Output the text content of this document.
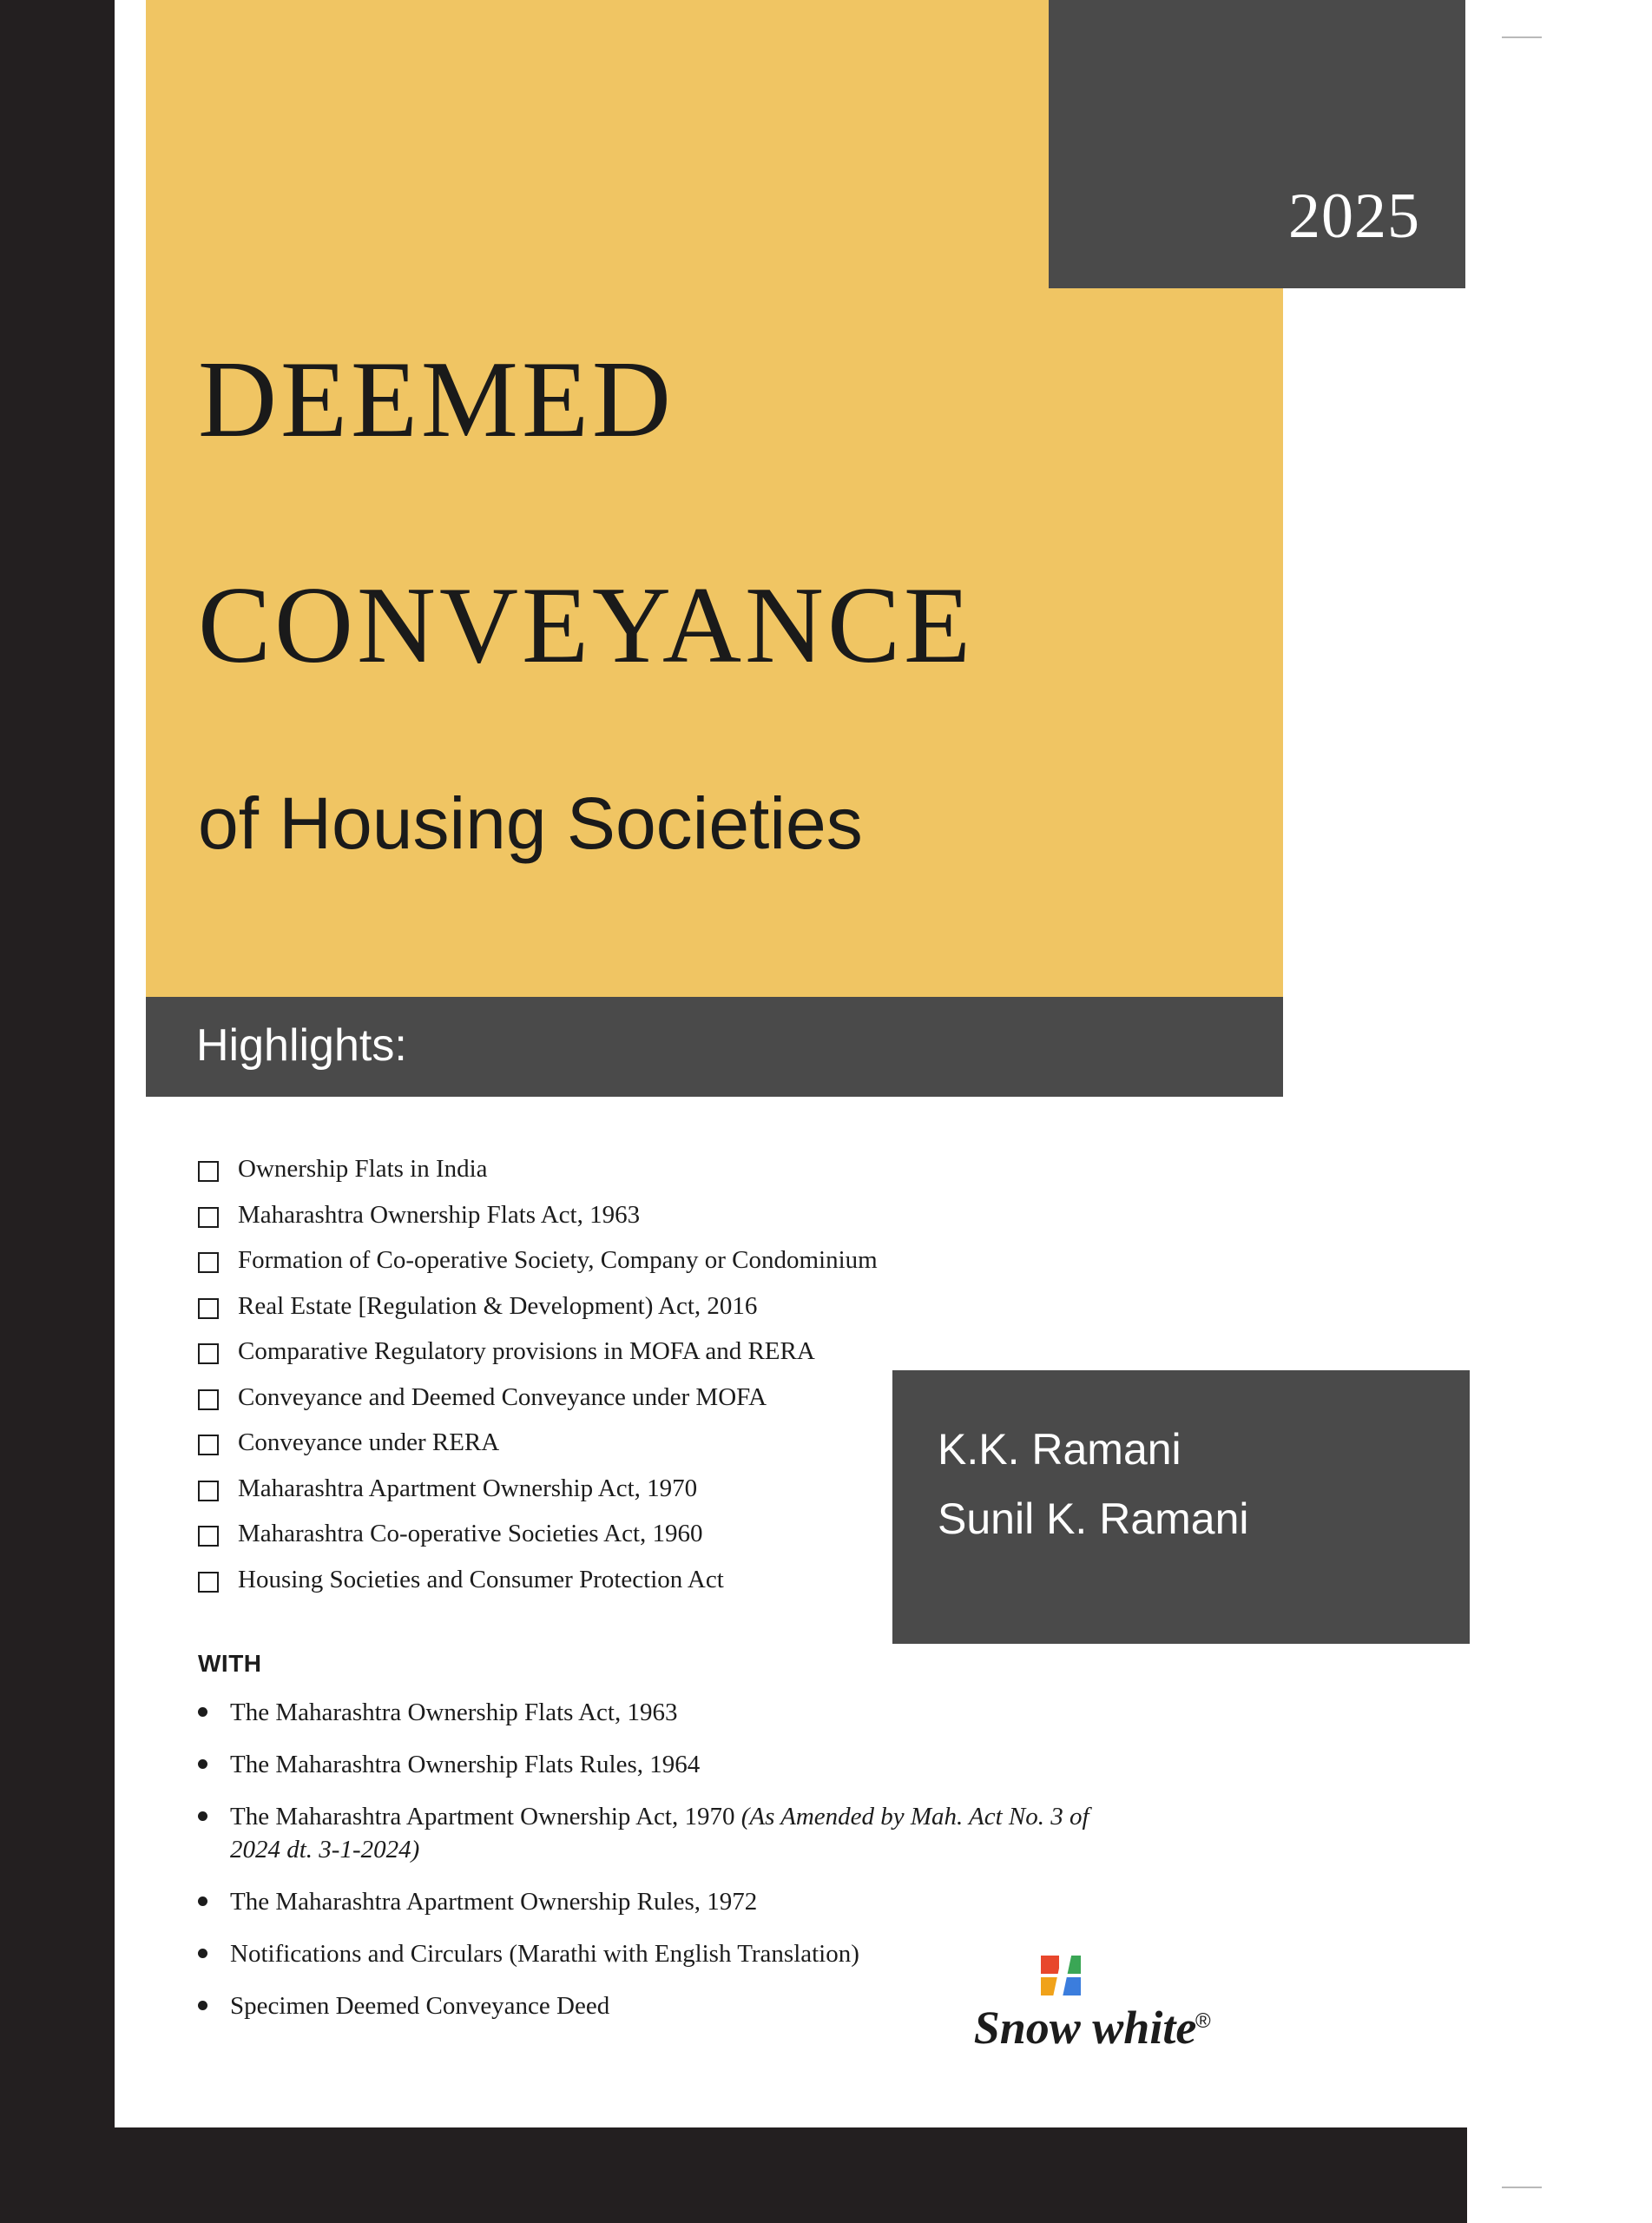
2025
DEEMED
CONVEYANCE
of Housing Societies
Highlights:
Ownership Flats in India
Maharashtra Ownership Flats Act, 1963
Formation of Co-operative Society, Company or Condominium
Real Estate [Regulation & Development) Act, 2016
Comparative Regulatory provisions in MOFA and RERA
Conveyance and Deemed Conveyance under MOFA
Conveyance under RERA
Maharashtra Apartment Ownership Act, 1970
Maharashtra Co-operative Societies Act, 1960
Housing Societies and Consumer Protection Act
WITH
The Maharashtra Ownership Flats Act, 1963
The Maharashtra Ownership Flats Rules, 1964
The Maharashtra Apartment Ownership Act, 1970 (As Amended by Mah. Act No. 3 of 2024 dt. 3-1-2024)
The Maharashtra Apartment Ownership Rules, 1972
Notifications and Circulars (Marathi with English Translation)
Specimen Deemed Conveyance Deed
K.K. Ramani
Sunil K. Ramani
Snow white
®
